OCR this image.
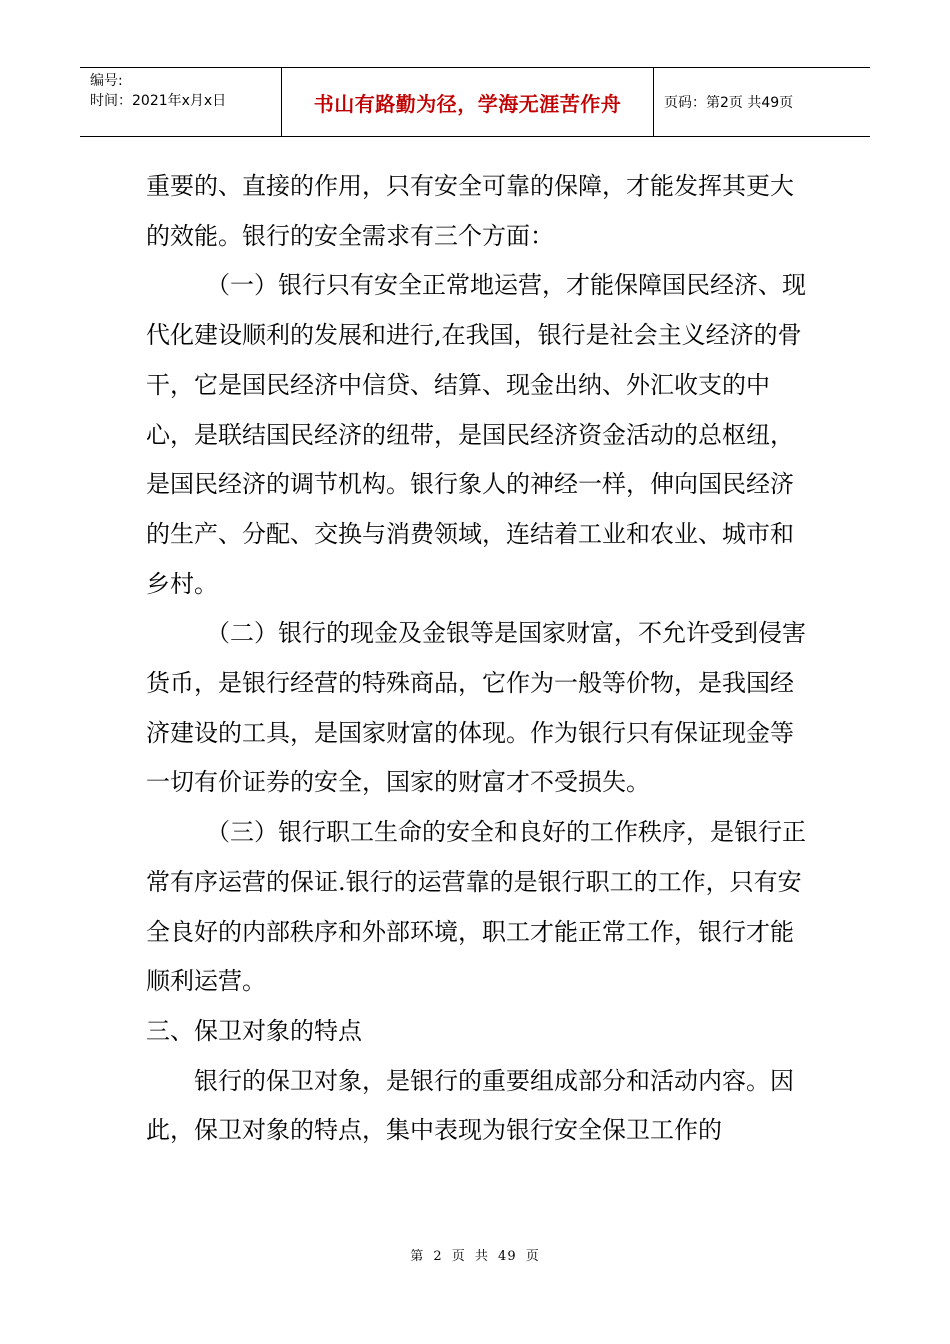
编号:
时间：2021年x月x日	书山有路勤为径，学海无涯苦作舟	页码：第2页 共49页

重要的、直接的作用，只有安全可靠的保障，才能发挥其更大的效能。银行的安全需求有三个方面：

（一）银行只有安全正常地运营，才能保障国民经济、现代化建设顺利的发展和进行,在我国，银行是社会主义经济的骨干，它是国民经济中信贷、结算、现金出纳、外汇收支的中心，是联结国民经济的纽带，是国民经济资金活动的总枢纽，是国民经济的调节机构。银行象人的神经一样，伸向国民经济的生产、分配、交换与消费领域，连结着工业和农业、城市和乡村。

（二）银行的现金及金银等是国家财富，不允许受到侵害货币，是银行经营的特殊商品，它作为一般等价物，是我国经济建设的工具，是国家财富的体现。作为银行只有保证现金等一切有价证券的安全，国家的财富才不受损失。

（三）银行职工生命的安全和良好的工作秩序，是银行正常有序运营的保证.银行的运营靠的是银行职工的工作，只有安全良好的内部秩序和外部环境，职工才能正常工作，银行才能顺利运营。

三、保卫对象的特点

银行的保卫对象，是银行的重要组成部分和活动内容。因此，保卫对象的特点，集中表现为银行安全保卫工作的

第 2 页 共 49 页
